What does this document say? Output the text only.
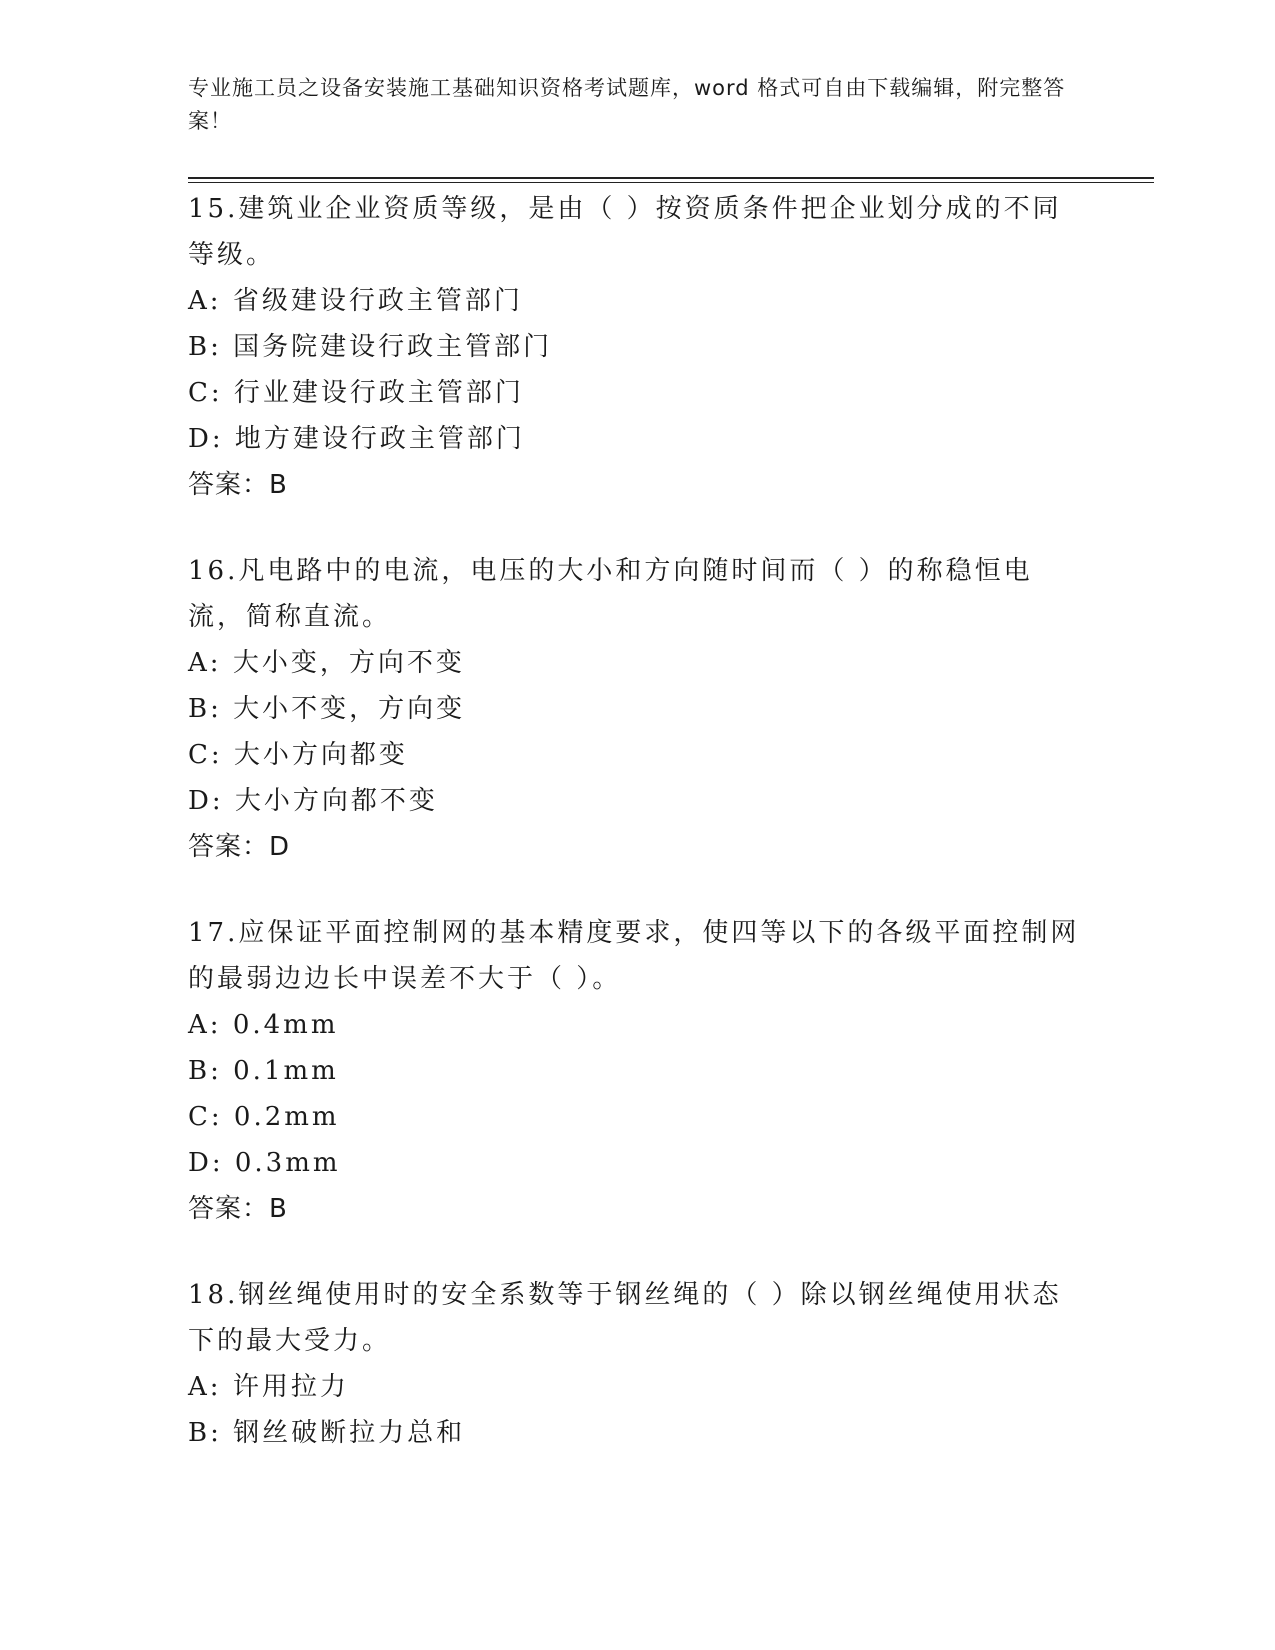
专业施工员之设备安装施工基础知识资格考试题库，word 格式可自由下载编辑，附完整答案！

15.建筑业企业资质等级，是由（ ）按资质条件把企业划分成的不同等级。

A: 省级建设行政主管部门

B: 国务院建设行政主管部门

C: 行业建设行政主管部门

D: 地方建设行政主管部门

答案：B

16.凡电路中的电流，电压的大小和方向随时间而（ ）的称稳恒电流，简称直流。

A: 大小变，方向不变

B: 大小不变，方向变

C: 大小方向都变

D: 大小方向都不变

答案：D

17.应保证平面控制网的基本精度要求，使四等以下的各级平面控制网的最弱边边长中误差不大于（ ）。

A: 0.4mm

B: 0.1mm

C: 0.2mm

D: 0.3mm

答案：B

18.钢丝绳使用时的安全系数等于钢丝绳的（ ）除以钢丝绳使用状态下的最大受力。

A: 许用拉力

B: 钢丝破断拉力总和
